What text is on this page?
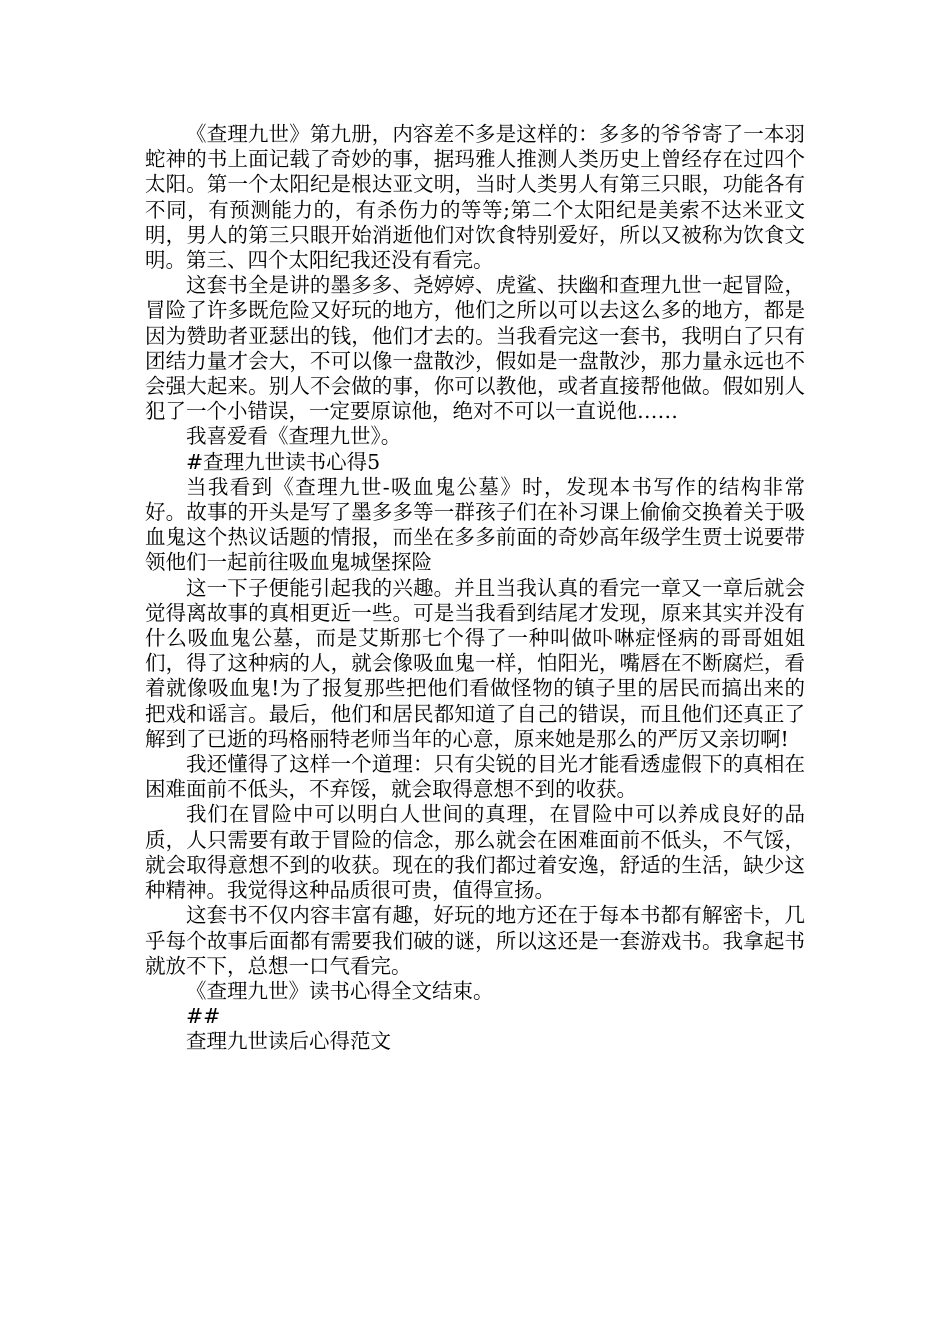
《查理九世》第九册，内容差不多是这样的：多多的爷爷寄了一本羽蛇神的书上面记载了奇妙的事，据玛雅人推测人类历史上曾经存在过四个太阳。第一个太阳纪是根达亚文明，当时人类男人有第三只眼，功能各有不同，有预测能力的，有杀伤力的等等;第二个太阳纪是美索不达米亚文明，男人的第三只眼开始消逝他们对饮食特别爱好，所以又被称为饮食文明。第三、四个太阳纪我还没有看完。

这套书全是讲的墨多多、尧婷婷、虎鲨、扶幽和查理九世一起冒险，冒险了许多既危险又好玩的地方，他们之所以可以去这么多的地方，都是因为赞助者亚瑟出的钱，他们才去的。当我看完这一套书，我明白了只有团结力量才会大，不可以像一盘散沙，假如是一盘散沙，那力量永远也不会强大起来。别人不会做的事，你可以教他，或者直接帮他做。假如别人犯了一个小错误，一定要原谅他，绝对不可以一直说他……

我喜爱看《查理九世》。

#查理九世读书心得5

当我看到《查理九世-吸血鬼公墓》时，发现本书写作的结构非常好。故事的开头是写了墨多多等一群孩子们在补习课上偷偷交换着关于吸血鬼这个热议话题的情报，而坐在多多前面的奇妙高年级学生贾士说要带领他们一起前往吸血鬼城堡探险

这一下子便能引起我的兴趣。并且当我认真的看完一章又一章后就会觉得离故事的真相更近一些。可是当我看到结尾才发现，原来其实并没有什么吸血鬼公墓，而是艾斯那七个得了一种叫做卟啉症怪病的哥哥姐姐们，得了这种病的人，就会像吸血鬼一样，怕阳光，嘴唇在不断腐烂，看着就像吸血鬼!为了报复那些把他们看做怪物的镇子里的居民而搞出来的把戏和谣言。最后，他们和居民都知道了自己的错误，而且他们还真正了解到了已逝的玛格丽特老师当年的心意，原来她是那么的严厉又亲切啊!

我还懂得了这样一个道理：只有尖锐的目光才能看透虚假下的真相在困难面前不低头，不弃馁，就会取得意想不到的收获。

我们在冒险中可以明白人世间的真理，在冒险中可以养成良好的品质，人只需要有敢于冒险的信念，那么就会在困难面前不低头，不气馁，就会取得意想不到的收获。现在的我们都过着安逸，舒适的生活，缺少这种精神。我觉得这种品质很可贵，值得宣扬。

这套书不仅内容丰富有趣，好玩的地方还在于每本书都有解密卡，几乎每个故事后面都有需要我们破的谜，所以这还是一套游戏书。我拿起书就放不下，总想一口气看完。

《查理九世》读书心得全文结束。

##

查理九世读后心得范文
